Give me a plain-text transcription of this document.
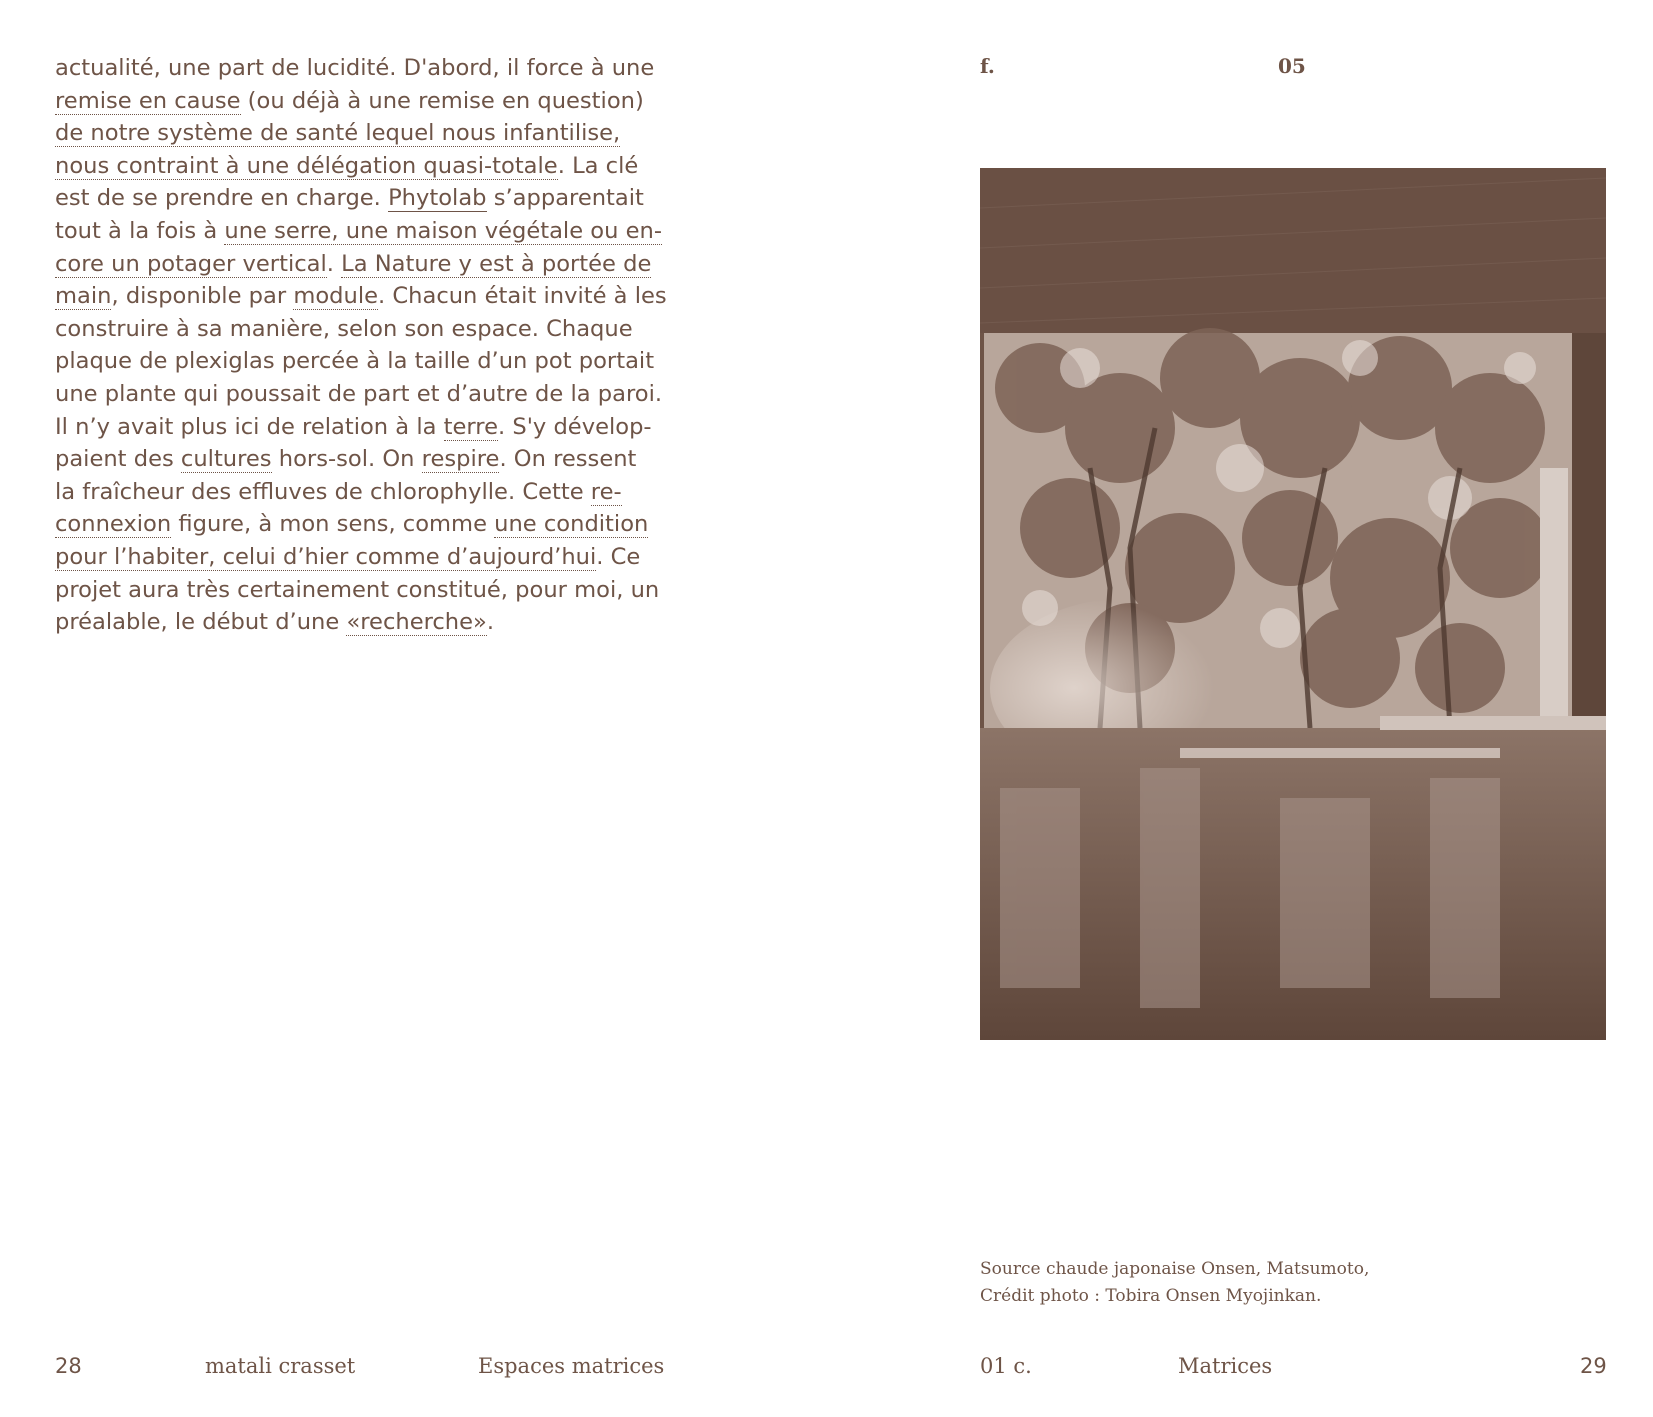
actualité, une part de lucidité. D'abord, il force à une
remise en cause (ou déjà à une remise en question)
de notre système de santé lequel nous infantilise,
nous contraint à une délégation quasi-totale. La clé
est de se prendre en charge. Phytolab s’apparentait
tout à la fois à une serre, une maison végétale ou en-
core un potager vertical. La Nature y est à portée de
main, disponible par module. Chacun était invité à les
construire à sa manière, selon son espace. Chaque
plaque de plexiglas percée à la taille d’un pot portait
une plante qui poussait de part et d’autre de la paroi.
Il n’y avait plus ici de relation à la terre. S'y dévelop-
paient des cultures hors-sol. On respire. On ressent
la fraîcheur des effluves de chlorophylle. Cette re-
connexion figure, à mon sens, comme une condition
pour l’habiter, celui d’hier comme d’aujourd’hui. Ce
projet aura très certainement constitué, pour moi, un
préalable, le début d’une «recherche».
28	matali crasset	Espaces matrices
f.	05
Source chaude japonaise Onsen, Matsumoto,
Crédit photo : Tobira Onsen Myojinkan.
01 c.	Matrices	29
